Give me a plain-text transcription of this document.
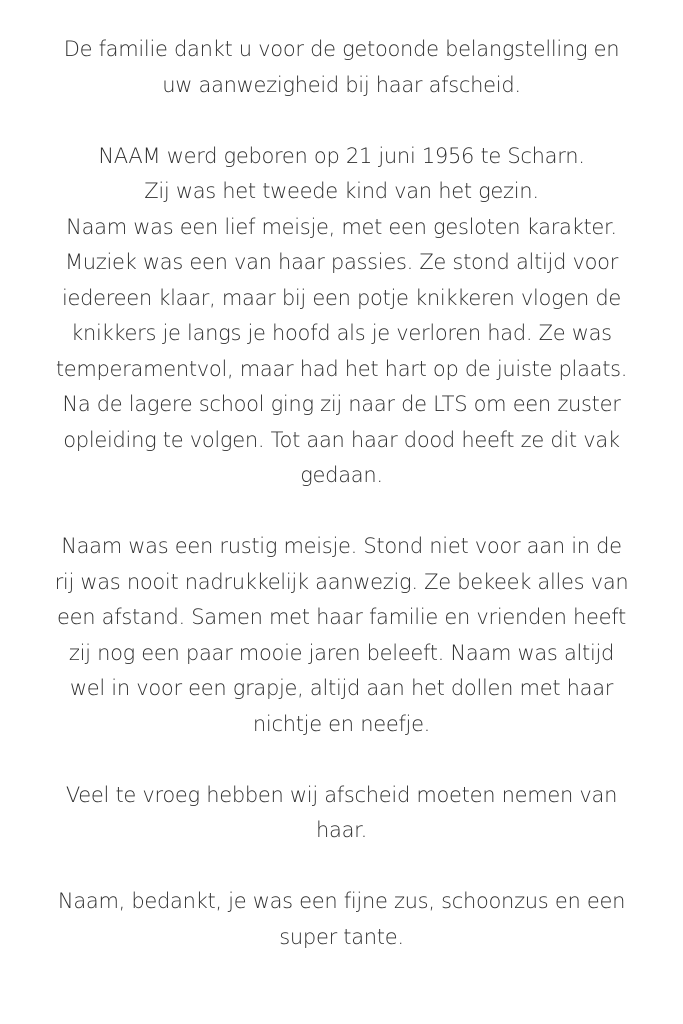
De familie dankt u voor de getoonde belangstelling en
uw aanwezigheid bij haar afscheid.

NAAM werd geboren op 21 juni 1956 te Scharn.
Zij was het tweede kind van het gezin.
Naam was een lief meisje, met een gesloten karakter.
Muziek was een van haar passies. Ze stond altijd voor
iedereen klaar, maar bij een potje knikkeren vlogen de
knikkers je langs je hoofd als je verloren had. Ze was
temperamentvol, maar had het hart op de juiste plaats.
Na de lagere school ging zij naar de LTS om een zuster
opleiding te volgen. Tot aan haar dood heeft ze dit vak
gedaan.

Naam was een rustig meisje. Stond niet voor aan in de
rij was nooit nadrukkelijk aanwezig. Ze bekeek alles van
een afstand. Samen met haar familie en vrienden heeft
zij nog een paar mooie jaren beleeft. Naam was altijd
wel in voor een grapje, altijd aan het dollen met haar
nichtje en neefje.

Veel te vroeg hebben wij afscheid moeten nemen van
haar.

Naam, bedankt, je was een fijne zus, schoonzus en een
super tante.
